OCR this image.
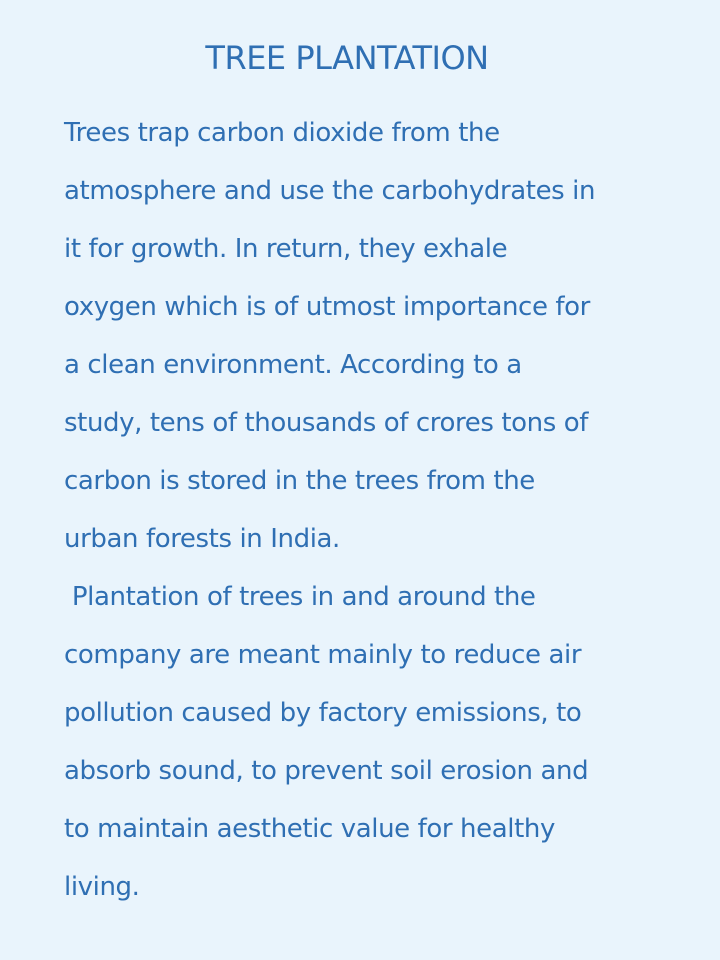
TREE PLANTATION
Trees trap carbon dioxide from the
atmosphere and use the carbohydrates in
it for growth. In return, they exhale
oxygen which is of utmost importance for
a clean environment. According to a
study, tens of thousands of crores tons of
carbon is stored in the trees from the
urban forests in India.
Plantation of trees in and around the
company are meant mainly to reduce air
pollution caused by factory emissions, to
absorb sound, to prevent soil erosion and
to maintain aesthetic value for healthy
living.
